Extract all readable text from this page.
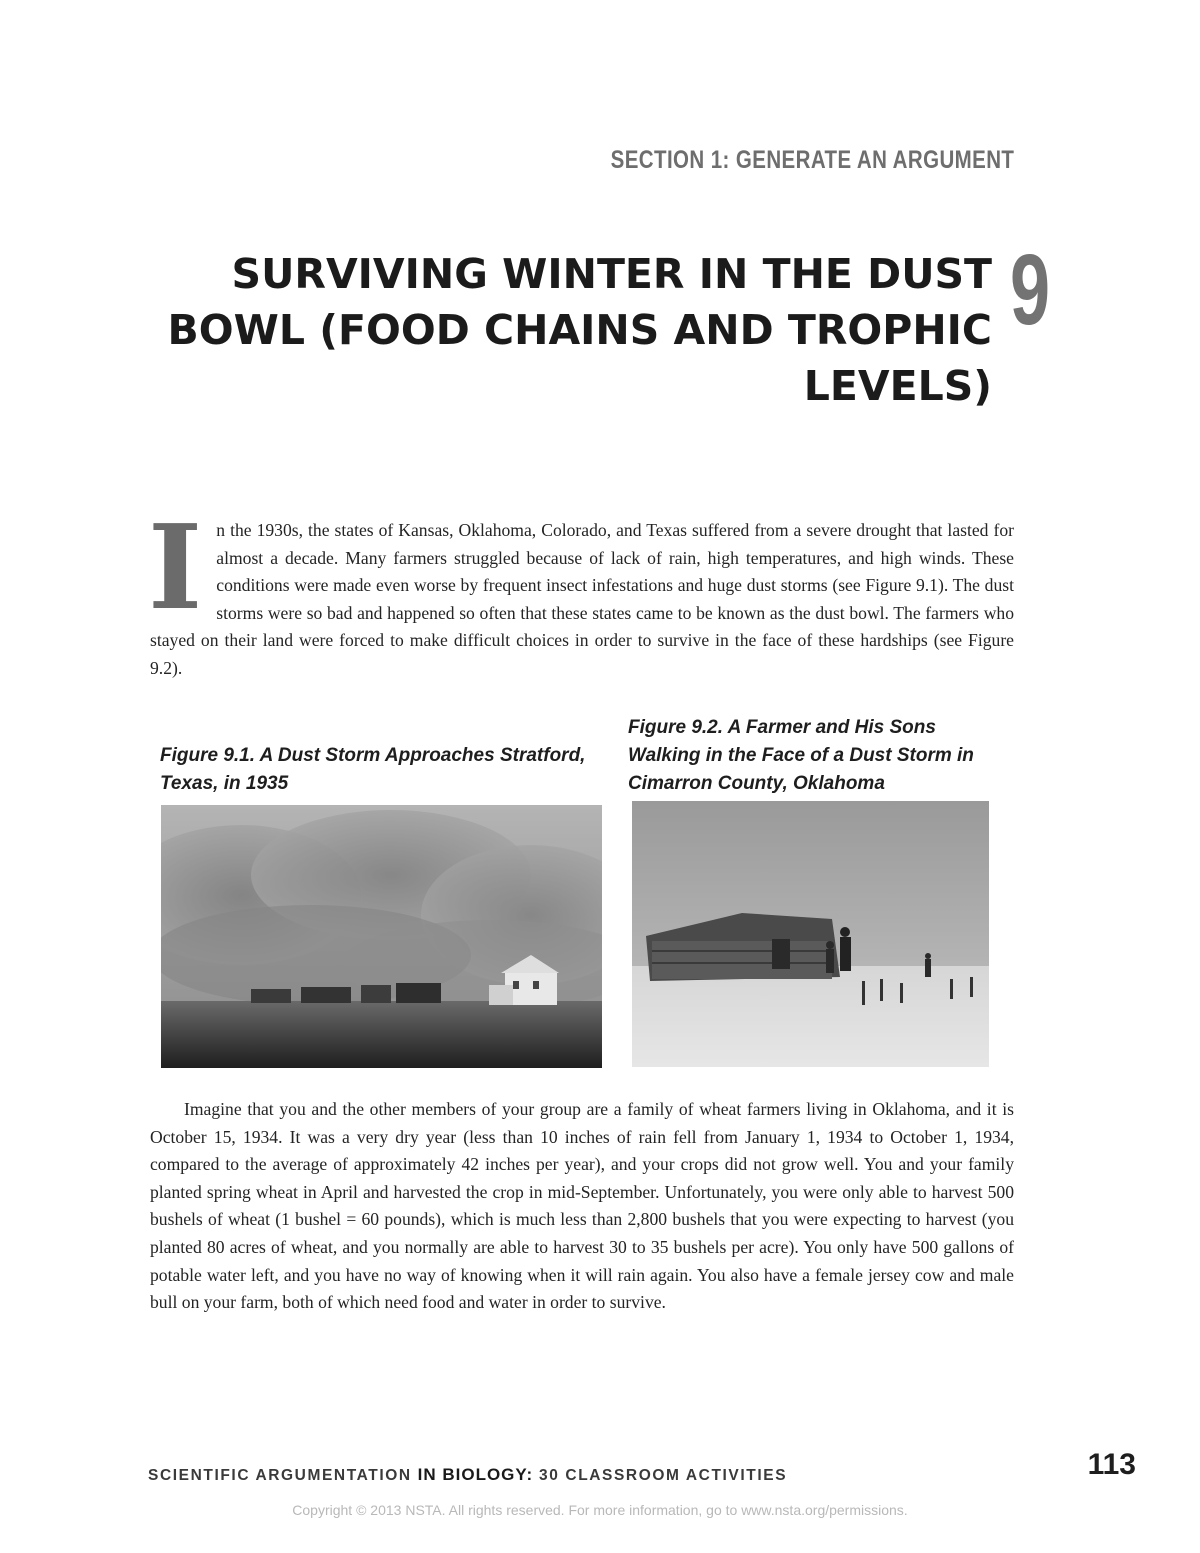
SECTION 1: GENERATE AN ARGUMENT
SURVIVING WINTER IN THE DUST BOWL (FOOD CHAINS AND TROPHIC LEVELS)
9

In the 1930s, the states of Kansas, Oklahoma, Colorado, and Texas suffered from a severe drought that lasted for almost a decade. Many farmers struggled because of lack of rain, high temperatures, and high winds. These conditions were made even worse by frequent insect infestations and huge dust storms (see Figure 9.1). The dust storms were so bad and happened so often that these states came to be known as the dust bowl. The farmers who stayed on their land were forced to make difficult choices in order to survive in the face of these hardships (see Figure 9.2).

Figure 9.1. A Dust Storm Approaches Stratford, Texas, in 1935

Figure 9.2. A Farmer and His Sons Walking in the Face of a Dust Storm in Cimarron County, Oklahoma

Imagine that you and the other members of your group are a family of wheat farmers living in Oklahoma, and it is October 15, 1934. It was a very dry year (less than 10 inches of rain fell from January 1, 1934 to October 1, 1934, compared to the average of approximately 42 inches per year), and your crops did not grow well. You and your family planted spring wheat in April and harvested the crop in mid-September. Unfortunately, you were only able to harvest 500 bushels of wheat (1 bushel = 60 pounds), which is much less than 2,800 bushels that you were expecting to harvest (you planted 80 acres of wheat, and you normally are able to harvest 30 to 35 bushels per acre). You only have 500 gallons of potable water left, and you have no way of knowing when it will rain again. You also have a female jersey cow and male bull on your farm, both of which need food and water in order to survive.

SCIENTIFIC ARGUMENTATION IN BIOLOGY: 30 CLASSROOM ACTIVITIES	113
Copyright © 2013 NSTA. All rights reserved. For more information, go to www.nsta.org/permissions.
